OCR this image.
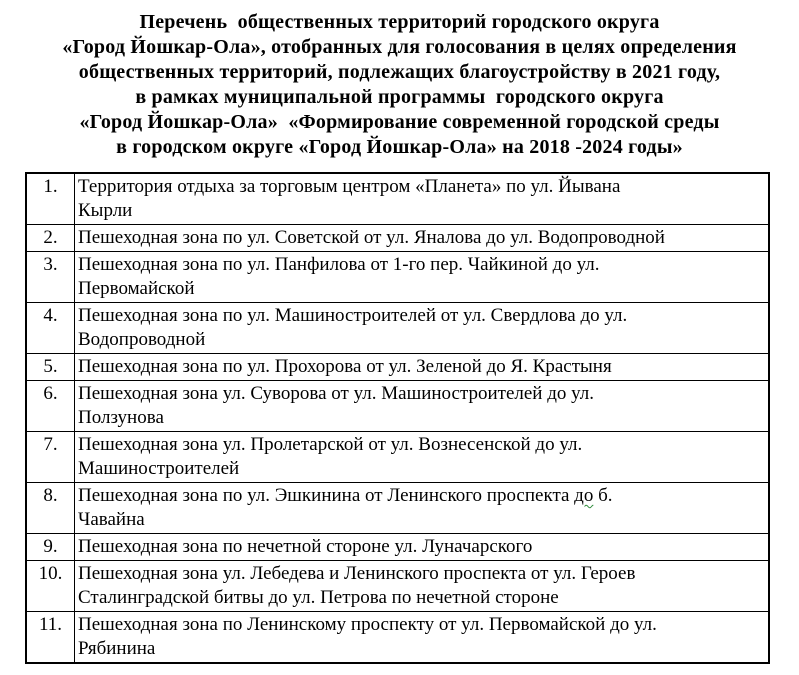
Перечень  общественных территорий городского округа
«Город Йошкар-Ола», отобранных для голосования в целях определения
общественных территорий, подлежащих благоустройству в 2021 году,
в рамках муниципальной программы  городского округа
«Город Йошкар-Ола»  «Формирование современной городской среды
в городском округе «Город Йошкар-Ола» на 2018 -2024 годы»
1.	Территория отдыха за торговым центром «Планета» по ул. Йывана
Кырли

2.	Пешеходная зона по ул. Советской от ул. Яналова до ул. Водопроводной

3.	Пешеходная зона по ул. Панфилова от 1-го пер. Чайкиной до ул.
Первомайской

4.	Пешеходная зона по ул. Машиностроителей от ул. Свердлова до ул.
Водопроводной

5.	Пешеходная зона по ул. Прохорова от ул. Зеленой до Я. Крастыня

6.	Пешеходная зона ул. Суворова от ул. Машиностроителей до ул.
Ползунова

7.	Пешеходная зона ул. Пролетарской от ул. Вознесенской до ул.
Машиностроителей

8.	Пешеходная зона по ул. Эшкинина от Ленинского проспекта до б.
Чавайна

9.	Пешеходная зона по нечетной стороне ул. Луначарского

10.	Пешеходная зона ул. Лебедева и Ленинского проспекта от ул. Героев
Сталинградской битвы до ул. Петрова по нечетной стороне

11.	Пешеходная зона по Ленинскому проспекту от ул. Первомайской до ул.
Рябинина
